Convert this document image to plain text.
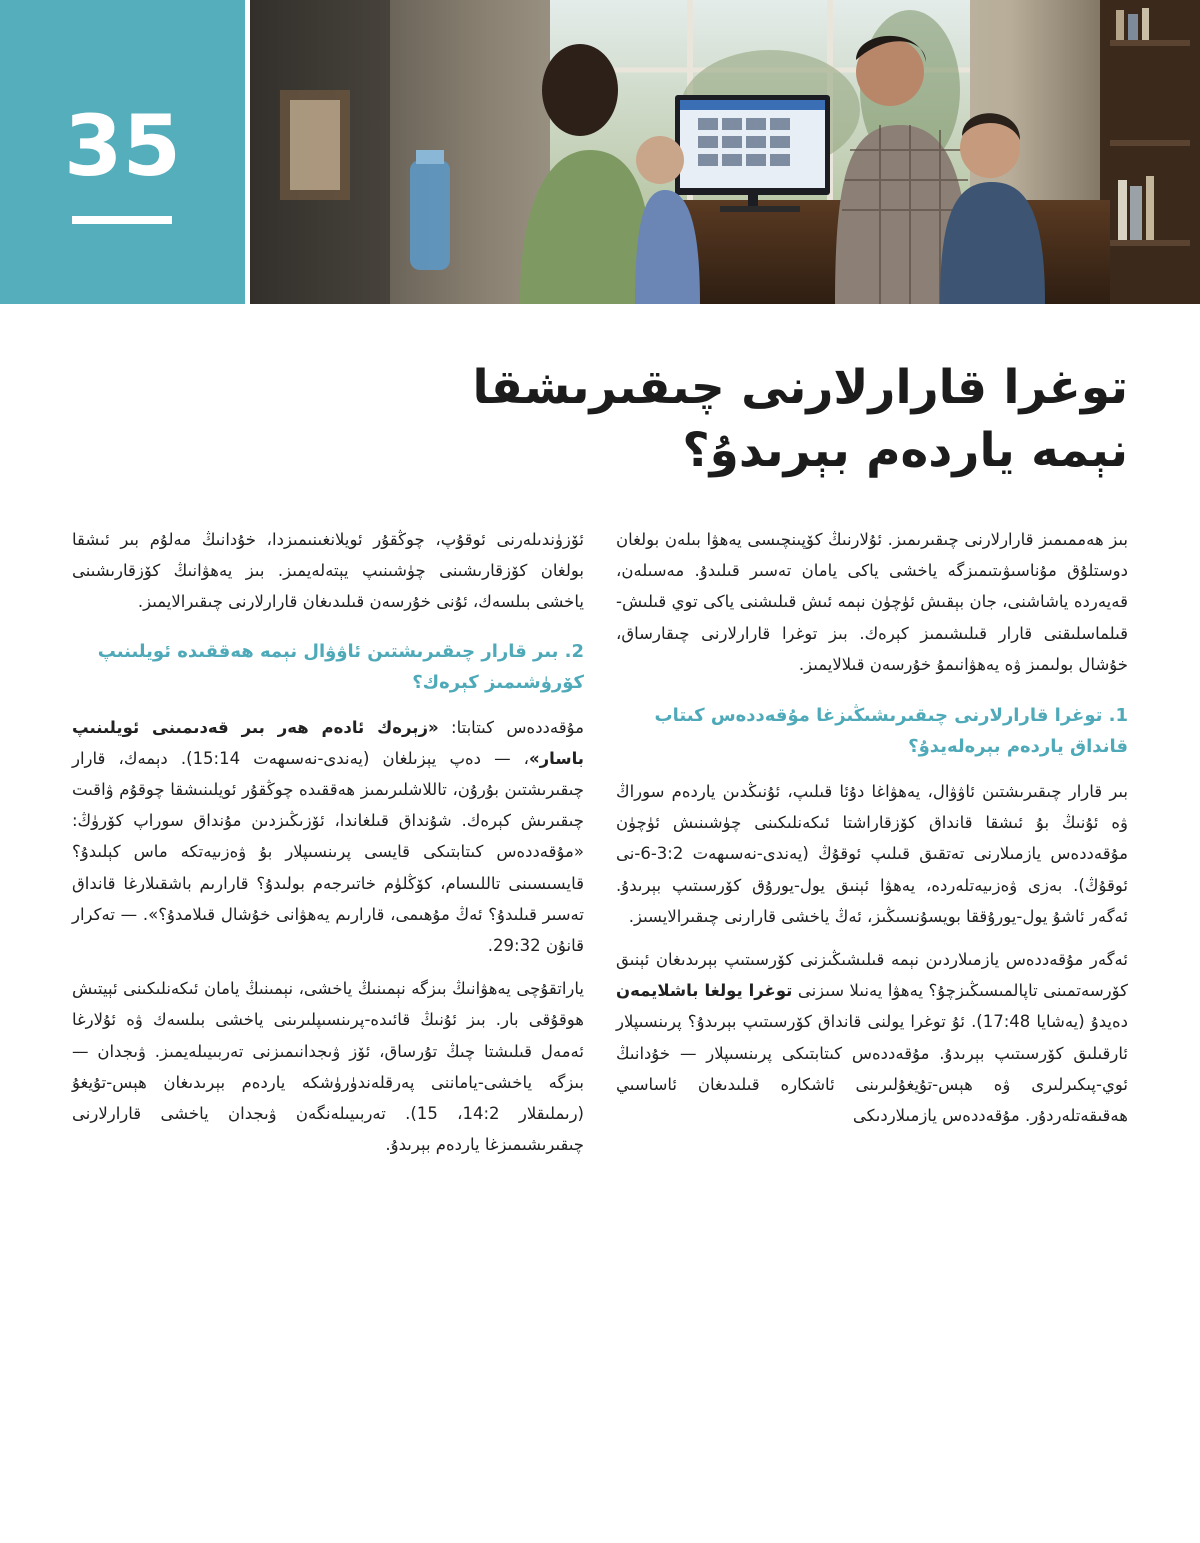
35
توغرا قارارلارنى چىقىرىشقا
نېمە ياردەم بېرىدۇ؟

بىز ھەممىمىز قارارلارنى چىقىرىمىز. ئۇلارنىڭ كۆپىنچىسى يەھۋا بىلەن بولغان دوستلۇق مۇناسىۋىتىمىزگە ياخشى ياكى يامان تەسىر قىلىدۇ. مەسىلەن، قەيەردە ياشاشنى، جان بېقىش ئۈچۈن نېمە ئىش قىلىشنى ياكى توي قىلىش-قىلماسلىقنى قارار قىلىشىمىز كېرەك. بىز توغرا قارارلارنى چىقارساق، خۇشال بولىمىز ۋە يەھۋانىمۇ خۇرسەن قىلالايمىز.

1. توغرا قارارلارنى چىقىرىشىڭىزغا مۇقەددەس كىتاب قانداق ياردەم بېرەلەيدۇ؟

بىر قارار چىقىرىشتىن ئاۋۋال، يەھۋاغا دۇئا قىلىپ، ئۇنىڭدىن ياردەم سوراڭ ۋە ئۇنىڭ بۇ ئىشقا قانداق كۆزقاراشتا ئىكەنلىكىنى چۈشىنىش ئۈچۈن مۇقەددەس يازمىلارنى تەتقىق قىلىپ ئوقۇڭ (يەندى-نەسىھەت 3:2-6-نى ئوقۇڭ). بەزى ۋەزىيەتلەردە، يەھۋا ئېنىق يول-يورۇق كۆرسىتىپ بېرىدۇ. ئەگەر ئاشۇ يول-يورۇققا بويسۇنسىڭىز، ئەڭ ياخشى قارارنى چىقىرالايسىز.

ئەگەر مۇقەددەس يازمىلاردىن نېمە قىلىشىڭىزنى كۆرسىتىپ بېرىدىغان ئېنىق كۆرسەتمىنى تاپالمىسىڭىزچۇ؟ يەھۋا يەنىلا سىزنى توغرا يولغا باشلايمەن دەيدۇ (يەشايا 17:48). ئۇ توغرا يولنى قانداق كۆرسىتىپ بېرىدۇ؟ پرىنسىپلار ئارقىلىق كۆرسىتىپ بېرىدۇ. مۇقەددەس كىتابتىكى پرىنسىپلار — خۇدانىڭ ئوي-پىكىرلىرى ۋە ھېس-تۇيغۇلىرىنى ئاشكارە قىلىدىغان ئاساسىي ھەقىقەتلەردۇر. مۇقەددەس يازمىلاردىكى

ئۆزۈندىلەرنى ئوقۇپ، چوڭقۇر ئويلانغىنىمىزدا، خۇدانىڭ مەلۇم بىر ئىشقا بولغان كۆزقارىشىنى چۈشىنىپ يېتەلەيمىز. بىز يەھۋانىڭ كۆزقارىشىنى ياخشى بىلسەك، ئۇنى خۇرسەن قىلىدىغان قارارلارنى چىقىرالايمىز.

2. بىر قارار چىقىرىشتىن ئاۋۋال نېمە ھەققىدە ئويلىنىپ كۆرۈشىمىز كېرەك؟

مۇقەددەس كىتابتا: «زېرەك ئادەم ھەر بىر قەدىمىنى ئويلىنىپ باسار»، — دەپ يېزىلغان (يەندى-نەسىھەت 15:14). دېمەك، قارار چىقىرىشتىن بۇرۇن، تاللاشلىرىمىز ھەققىدە چوڭقۇر ئويلىنىشقا چوقۇم ۋاقىت چىقىرىش كېرەك. شۇنداق قىلغاندا، ئۆزىڭىزدىن مۇنداق سوراپ كۆرۈڭ: «مۇقەددەس كىتابتىكى قايسى پرىنسىپلار بۇ ۋەزىيەتكە ماس كېلىدۇ؟ قايسىسىنى تاللىسام، كۆڭلۈم خاتىرجەم بولىدۇ؟ قارارىم باشقىلارغا قانداق تەسىر قىلىدۇ؟ ئەڭ مۇھىمى، قارارىم يەھۋانى خۇشال قىلامدۇ؟». — تەكرار قانۇن 29:32.

ياراتقۇچى يەھۋانىڭ بىزگە نېمىنىڭ ياخشى، نېمىنىڭ يامان ئىكەنلىكىنى ئېيتىش ھوقۇقى بار. بىز ئۇنىڭ قائىدە-پرىنسىپلىرىنى ياخشى بىلسەك ۋە ئۇلارغا ئەمەل قىلىشتا چىڭ تۇرساق، ئۆز ۋىجدانىمىزنى تەربىيىلەيمىز. ۋىجدان — بىزگە ياخشى-ياماننى پەرقلەندۈرۈشكە ياردەم بېرىدىغان ھېس-تۇيغۇ (رىملىقلار 14:2، 15). تەربىيىلەنگەن ۋىجدان ياخشى قارارلارنى چىقىرىشىمىزغا ياردەم بېرىدۇ.
